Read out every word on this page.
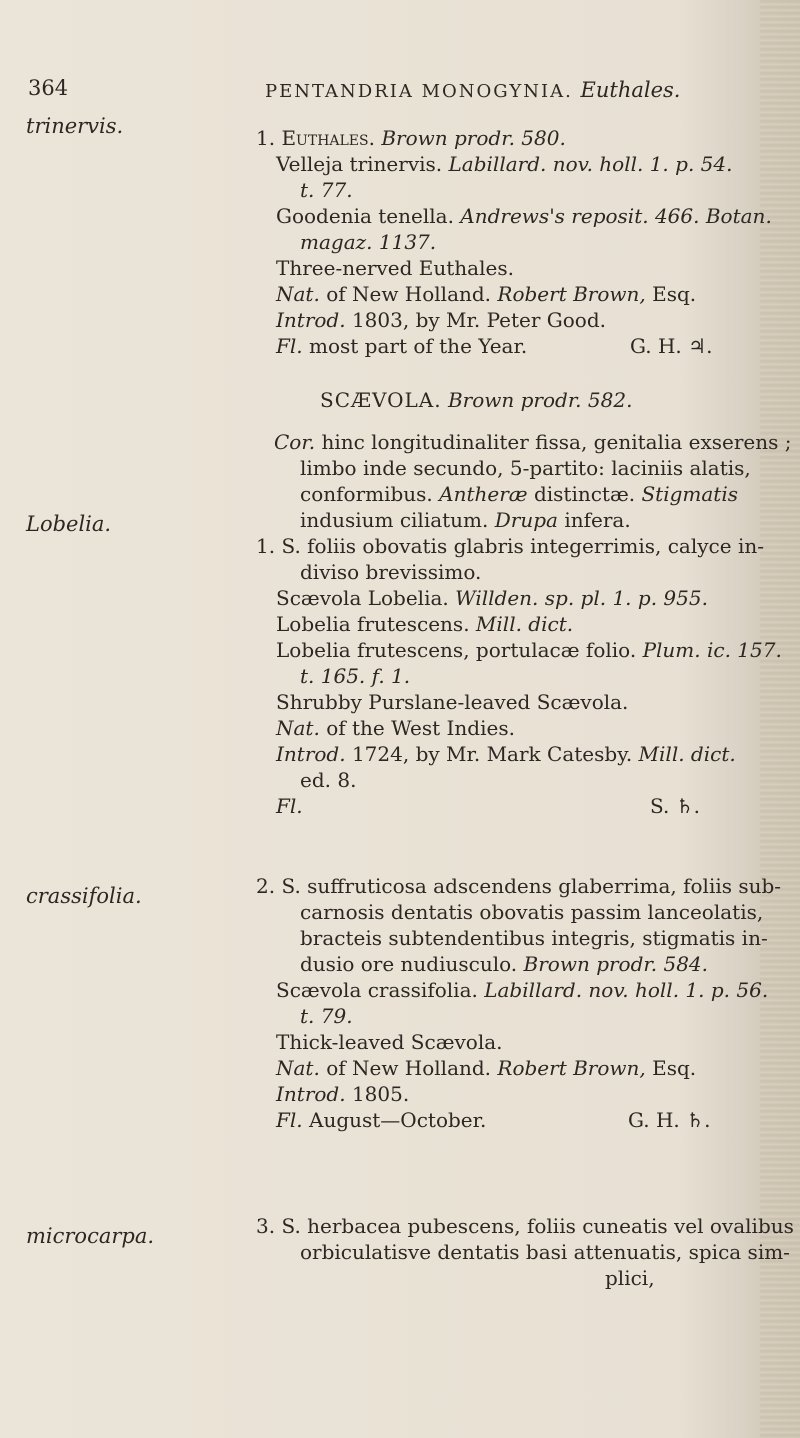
364	PENTANDRIA MONOGYNIA. Euthales.
trinervis.
Lobelia.
crassifolia.
microcarpa.
1. Euthales. Brown prodr. 580.
Velleja trinervis. Labillard. nov. holl. 1. p. 54.
t. 77.
Goodenia tenella. Andrews's reposit. 466. Botan.
magaz. 1137.
Three-nerved Euthales.
Nat. of New Holland. Robert Brown, Esq.
Introd. 1803, by Mr. Peter Good.
Fl. most part of the Year.	G. H. ♃.
SCÆVOLA. Brown prodr. 582.
Cor. hinc longitudinaliter fissa, genitalia exserens ;
limbo inde secundo, 5-partito: laciniis alatis,
conformibus. Antheræ distinctæ. Stigmatis
indusium ciliatum. Drupa infera.
1. S. foliis obovatis glabris integerrimis, calyce in-
diviso brevissimo.
Scævola Lobelia. Willden. sp. pl. 1. p. 955.
Lobelia frutescens. Mill. dict.
Lobelia frutescens, portulacæ folio. Plum. ic. 157.
t. 165. f. 1.
Shrubby Purslane-leaved Scævola.
Nat. of the West Indies.
Introd. 1724, by Mr. Mark Catesby. Mill. dict.
ed. 8.
Fl.	S. ♄.
2. S. suffruticosa adscendens glaberrima, foliis sub-
carnosis dentatis obovatis passim lanceolatis,
bracteis subtendentibus integris, stigmatis in-
dusio ore nudiusculo. Brown prodr. 584.
Scævola crassifolia. Labillard. nov. holl. 1. p. 56.
t. 79.
Thick-leaved Scævola.
Nat. of New Holland. Robert Brown, Esq.
Introd. 1805.
Fl. August—October.	G. H. ♄.
3. S. herbacea pubescens, foliis cuneatis vel ovalibus
orbiculatisve dentatis basi attenuatis, spica sim-
plici,
